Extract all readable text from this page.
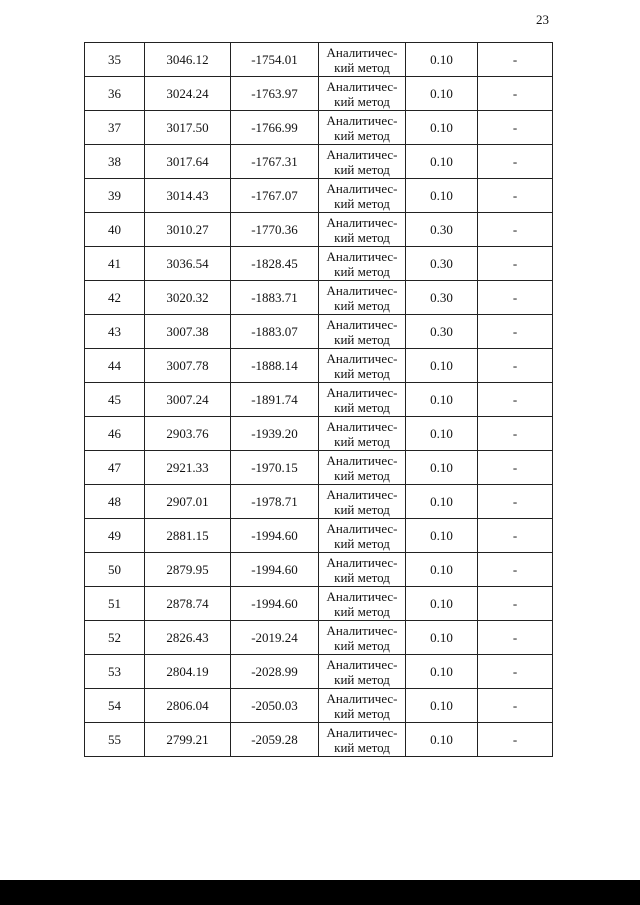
23
35	3046.12	-1754.01	Аналитичес-
кий метод	0.10	-
36	3024.24	-1763.97	Аналитичес-
кий метод	0.10	-
37	3017.50	-1766.99	Аналитичес-
кий метод	0.10	-
38	3017.64	-1767.31	Аналитичес-
кий метод	0.10	-
39	3014.43	-1767.07	Аналитичес-
кий метод	0.10	-
40	3010.27	-1770.36	Аналитичес-
кий метод	0.30	-
41	3036.54	-1828.45	Аналитичес-
кий метод	0.30	-
42	3020.32	-1883.71	Аналитичес-
кий метод	0.30	-
43	3007.38	-1883.07	Аналитичес-
кий метод	0.30	-
44	3007.78	-1888.14	Аналитичес-
кий метод	0.10	-
45	3007.24	-1891.74	Аналитичес-
кий метод	0.10	-
46	2903.76	-1939.20	Аналитичес-
кий метод	0.10	-
47	2921.33	-1970.15	Аналитичес-
кий метод	0.10	-
48	2907.01	-1978.71	Аналитичес-
кий метод	0.10	-
49	2881.15	-1994.60	Аналитичес-
кий метод	0.10	-
50	2879.95	-1994.60	Аналитичес-
кий метод	0.10	-
51	2878.74	-1994.60	Аналитичес-
кий метод	0.10	-
52	2826.43	-2019.24	Аналитичес-
кий метод	0.10	-
53	2804.19	-2028.99	Аналитичес-
кий метод	0.10	-
54	2806.04	-2050.03	Аналитичес-
кий метод	0.10	-
55	2799.21	-2059.28	Аналитичес-
кий метод	0.10	-
